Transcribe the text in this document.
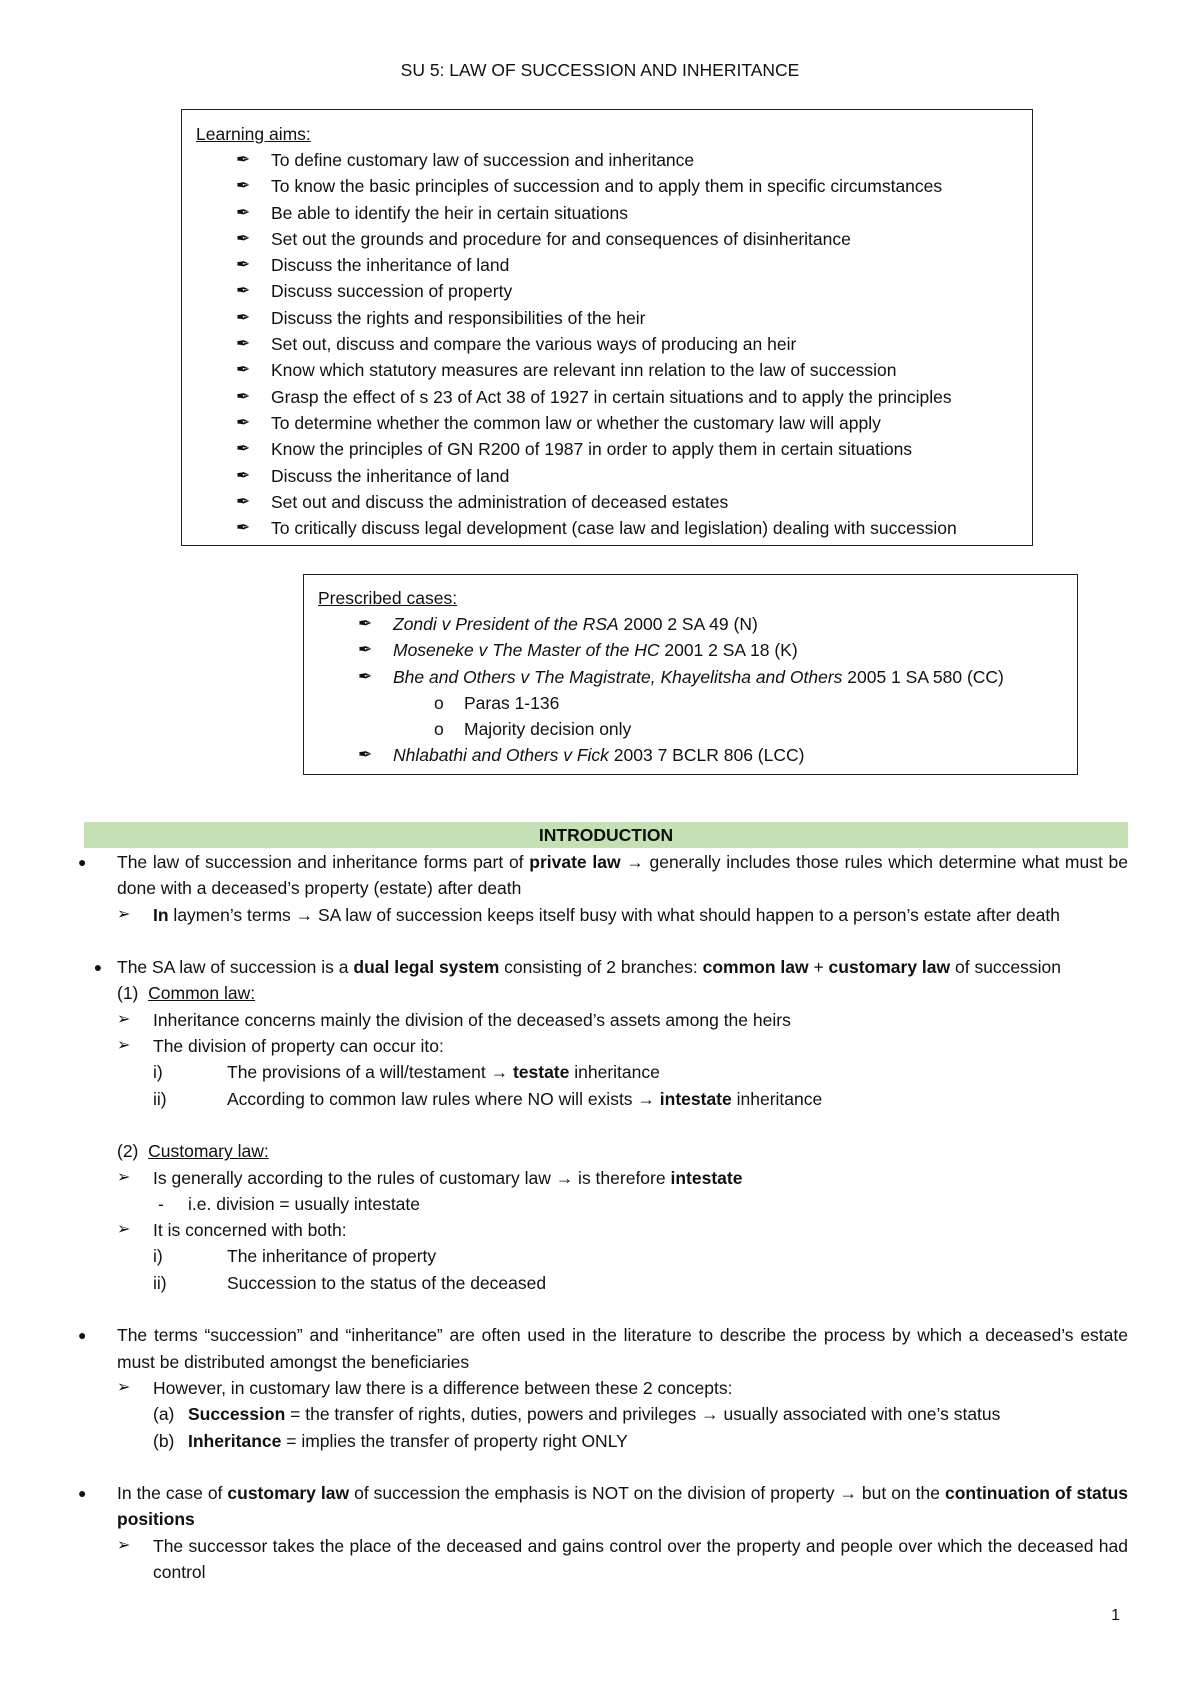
SU 5: LAW OF SUCCESSION AND INHERITANCE
Learning aims:
✒ To define customary law of succession and inheritance
✒ To know the basic principles of succession and to apply them in specific circumstances
✒ Be able to identify the heir in certain situations
✒ Set out the grounds and procedure for and consequences of disinheritance
✒ Discuss the inheritance of land
✒ Discuss succession of property
✒ Discuss the rights and responsibilities of the heir
✒ Set out, discuss and compare the various ways of producing an heir
✒ Know which statutory measures are relevant inn relation to the law of succession
✒ Grasp the effect of s 23 of Act 38 of 1927 in certain situations and to apply the principles
✒ To determine whether the common law or whether the customary law will apply
✒ Know the principles of GN R200 of 1987 in order to apply them in certain situations
✒ Discuss the inheritance of land
✒ Set out and discuss the administration of deceased estates
✒ To critically discuss legal development (case law and legislation) dealing with succession
Prescribed cases:
✒ Zondi v President of the RSA 2000 2 SA 49 (N)
✒ Moseneke v The Master of the HC 2001 2 SA 18 (K)
✒ Bhe and Others v The Magistrate, Khayelitsha and Others 2005 1 SA 580 (CC)
o Paras 1-136
o Majority decision only
✒ Nhlabathi and Others v Fick 2003 7 BCLR 806 (LCC)
INTRODUCTION
●	The law of succession and inheritance forms part of private law → generally includes those rules which determine what must be done with a deceased’s property (estate) after death
➢ In laymen’s terms → SA law of succession keeps itself busy with what should happen to a person’s estate after death
● The SA law of succession is a dual legal system consisting of 2 branches: common law + customary law of succession
(1) Common law:
➢ Inheritance concerns mainly the division of the deceased’s assets among the heirs
➢ The division of property can occur ito:
i)	The provisions of a will/testament → testate inheritance
ii)	According to common law rules where NO will exists → intestate inheritance
(2) Customary law:
➢ Is generally according to the rules of customary law → is therefore intestate
- i.e. division = usually intestate
➢ It is concerned with both:
i)	The inheritance of property
ii)	Succession to the status of the deceased
●	The terms “succession” and “inheritance” are often used in the literature to describe the process by which a deceased’s estate must be distributed amongst the beneficiaries
➢ However, in customary law there is a difference between these 2 concepts:
(a) Succession = the transfer of rights, duties, powers and privileges → usually associated with one’s status
(b) Inheritance = implies the transfer of property right ONLY
●	In the case of customary law of succession the emphasis is NOT on the division of property → but on the continuation of status positions
➢ The successor takes the place of the deceased and gains control over the property and people over which the deceased had control
1
